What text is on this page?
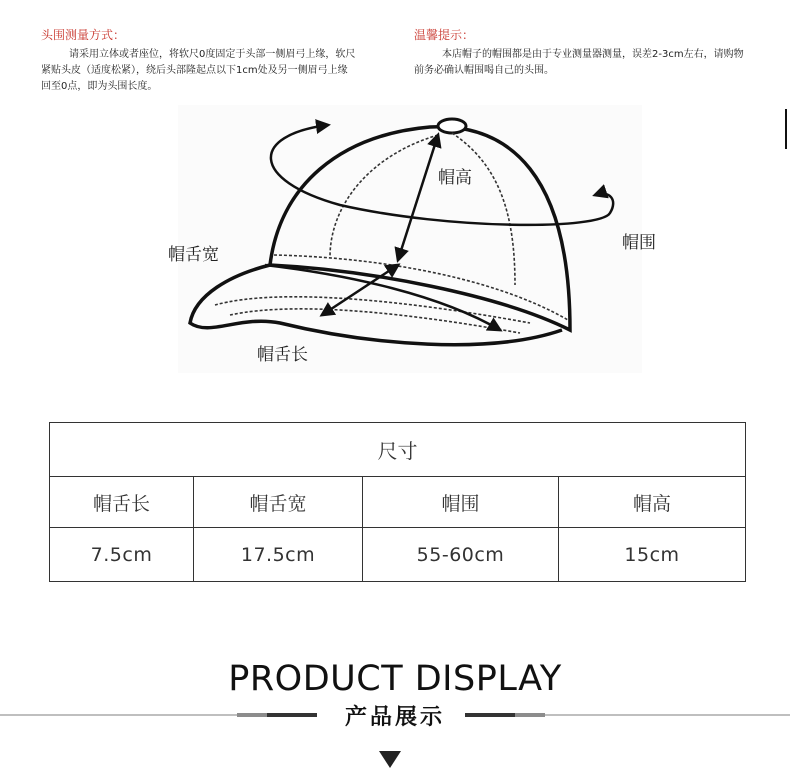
头围测量方式：
请采用立体或者座位，将软尺0度固定于头部一侧眉弓上缘，软尺紧贴头皮（适度松紧），绕后头部隆起点以下1cm处及另一侧眉弓上缘回至0点，即为头围长度。
温馨提示：
本店帽子的帽围都是由于专业测量器测量，误差2-3cm左右，请购物前务必确认帽围喝自己的头围。
帽高
帽舌宽
帽围
帽舌长
尺寸			
帽舌长	帽舌宽	帽围	帽高
7.5cm	17.5cm	55-60cm	15cm
PRODUCT DISPLAY
产品展示
